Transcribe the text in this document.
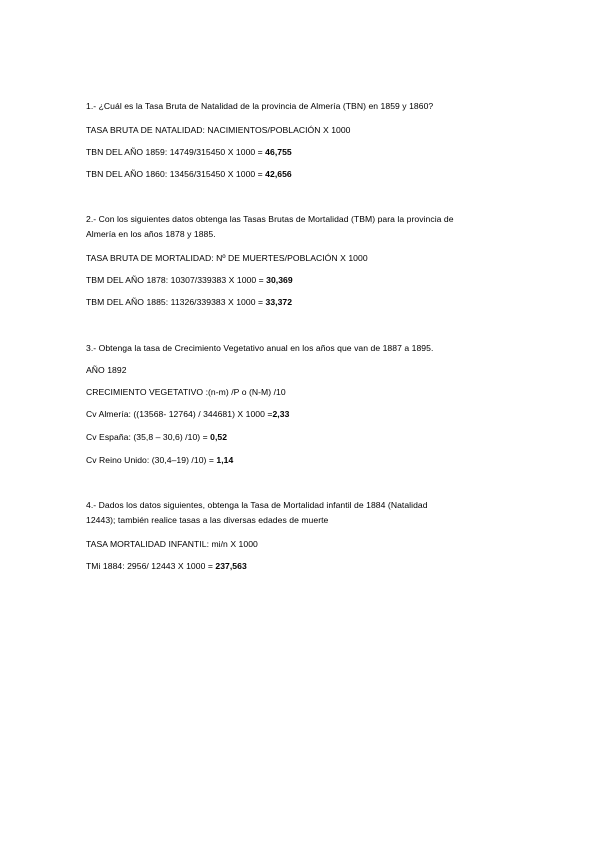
1.- ¿Cuál es la Tasa Bruta de Natalidad de la provincia de Almería (TBN) en 1859 y 1860?
TASA BRUTA DE NATALIDAD: NACIMIENTOS/POBLACIÓN X 1000
TBN DEL AÑO 1859: 14749/315450 X 1000 = 46,755
TBN DEL AÑO 1860: 13456/315450 X 1000 = 42,656
2.- Con los siguientes datos obtenga las Tasas Brutas de Mortalidad (TBM) para la provincia de
Almería en los años 1878 y 1885.
TASA BRUTA DE MORTALIDAD: Nº DE MUERTES/POBLACIÓN X 1000
TBM DEL AÑO 1878: 10307/339383 X 1000 = 30,369
TBM DEL AÑO 1885: 11326/339383 X 1000 = 33,372
3.- Obtenga la tasa de Crecimiento Vegetativo anual en los años que van de 1887 a 1895.
AÑO 1892
CRECIMIENTO VEGETATIVO :(n-m) /P o (N-M) /10
Cv Almería: ((13568- 12764) / 344681) X 1000 =2,33
Cv España: (35,8 – 30,6) /10) = 0,52
Cv Reino Unido: (30,4–19) /10) = 1,14
4.- Dados los datos siguientes, obtenga la Tasa de Mortalidad infantil de 1884 (Natalidad
12443); también realice tasas a las diversas edades de muerte
TASA MORTALIDAD INFANTIL: mi/n X 1000
TMi 1884: 2956/ 12443 X 1000 = 237,563
